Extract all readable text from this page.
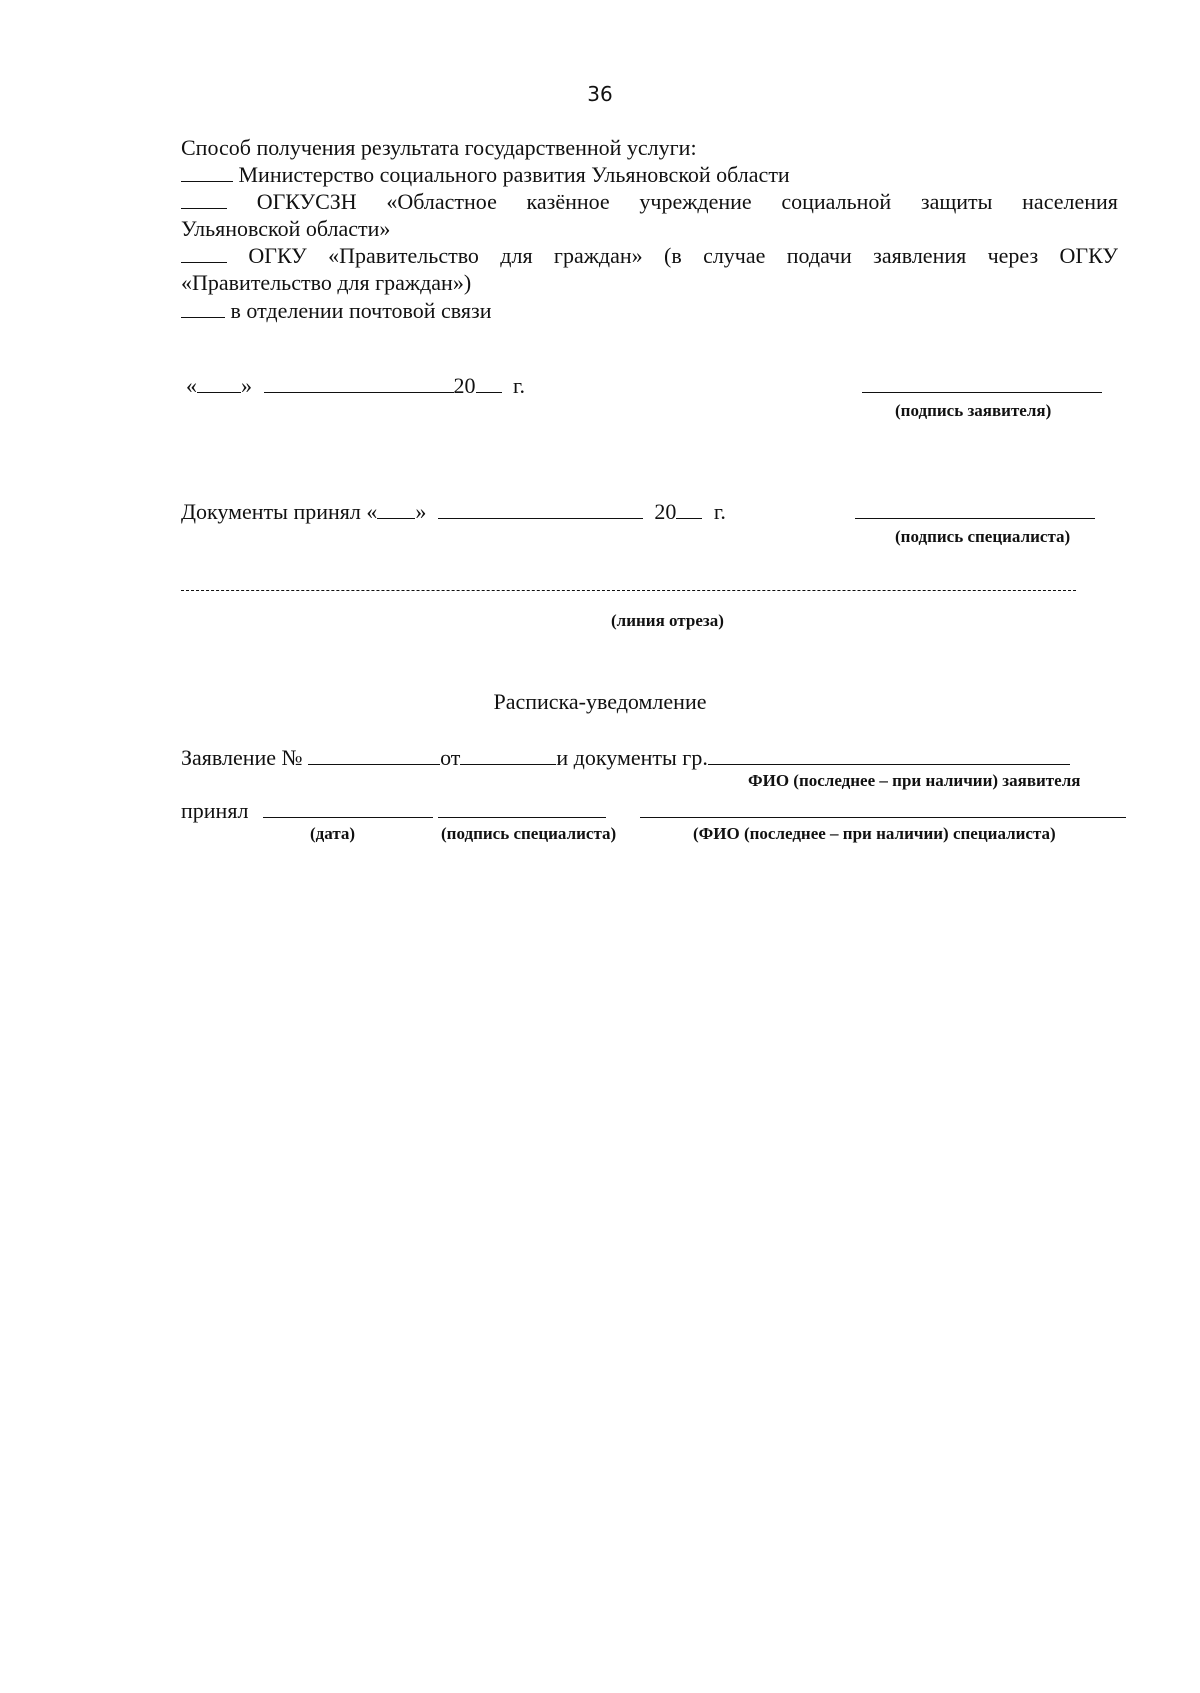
36
Способ получения результата государственной услуги:
Министерство социального развития Ульяновской области
ОГКУСЗН «Областное казённое учреждение социальной защиты населения
Ульяновской области»
ОГКУ «Правительство для граждан» (в случае подачи заявления через ОГКУ
«Правительство для граждан»)
в отделении почтовой связи
« »	20 г.
(подпись заявителя)
Документы принял « »	20 г.
(подпись специалиста)
(линия отреза)
Расписка-уведомление
Заявление №	от	и документы гр.
ФИО (последнее – при наличии) заявителя
принял
(дата)	(подпись специалиста)	(ФИО (последнее – при наличии) специалиста)
